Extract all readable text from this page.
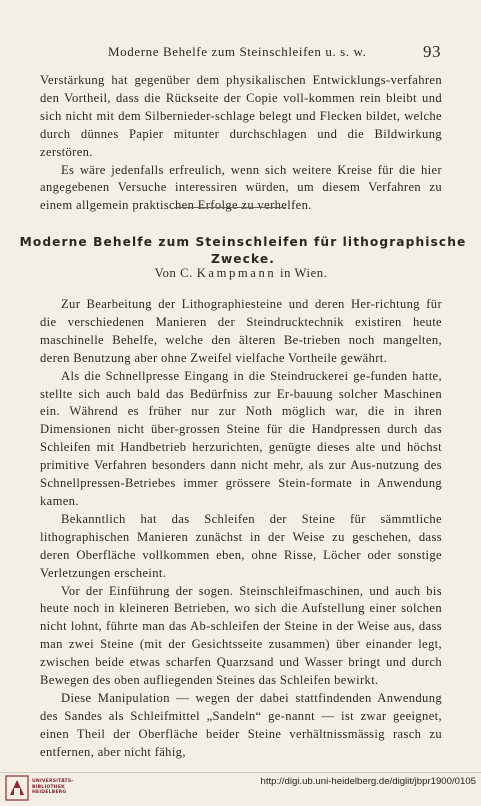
Moderne Behelfe zum Steinschleifen u. s. w.	93

Verstärkung hat gegenüber dem physikalischen Entwicklungs-verfahren den Vortheil, dass die Rückseite der Copie voll-kommen rein bleibt und sich nicht mit dem Silbernieder-schlage belegt und Flecken bildet, welche durch dünnes Papier mitunter durchschlagen und die Bildwirkung zerstören.

Es wäre jedenfalls erfreulich, wenn sich weitere Kreise für die hier angegebenen Versuche interessiren würden, um diesem Verfahren zu einem allgemein praktischen Erfolge zu verhelfen.

Moderne Behelfe zum Steinschleifen für lithographische Zwecke.
Von C. Kampmann in Wien.

Zur Bearbeitung der Lithographiesteine und deren Her-richtung für die verschiedenen Manieren der Steindrucktechnik existiren heute maschinelle Behelfe, welche den älteren Be-trieben noch mangelten, deren Benutzung aber ohne Zweifel vielfache Vortheile gewährt.

Als die Schnellpresse Eingang in die Steindruckerei ge-funden hatte, stellte sich auch bald das Bedürfniss zur Er-bauung solcher Maschinen ein. Während es früher nur zur Noth möglich war, die in ihren Dimensionen nicht über-grossen Steine für die Handpressen durch das Schleifen mit Handbetrieb herzurichten, genügte dieses alte und höchst primitive Verfahren besonders dann nicht mehr, als zur Aus-nutzung des Schnellpressen-Betriebes immer grössere Stein-formate in Anwendung kamen.

Bekanntlich hat das Schleifen der Steine für sämmtliche lithographischen Manieren zunächst in der Weise zu geschehen, dass deren Oberfläche vollkommen eben, ohne Risse, Löcher oder sonstige Verletzungen erscheint.

Vor der Einführung der sogen. Steinschleifmaschinen, und auch bis heute noch in kleineren Betrieben, wo sich die Aufstellung einer solchen nicht lohnt, führte man das Ab-schleifen der Steine in der Weise aus, dass man zwei Steine (mit der Gesichtsseite zusammen) über einander legt, zwischen beide etwas scharfen Quarzsand und Wasser bringt und durch Bewegen des oben aufliegenden Steines das Schleifen bewirkt.

Diese Manipulation — wegen der dabei stattfindenden Anwendung des Sandes als Schleifmittel „Sandeln“ ge-nannt — ist zwar geeignet, einen Theil der Oberfläche beider Steine verhältnissmässig rasch zu entfernen, aber nicht fähig,

UNIVERSITÄTS-BIBLIOTHEK HEIDELBERG
http://digi.ub.uni-heidelberg.de/diglit/jbpr1900/0105
